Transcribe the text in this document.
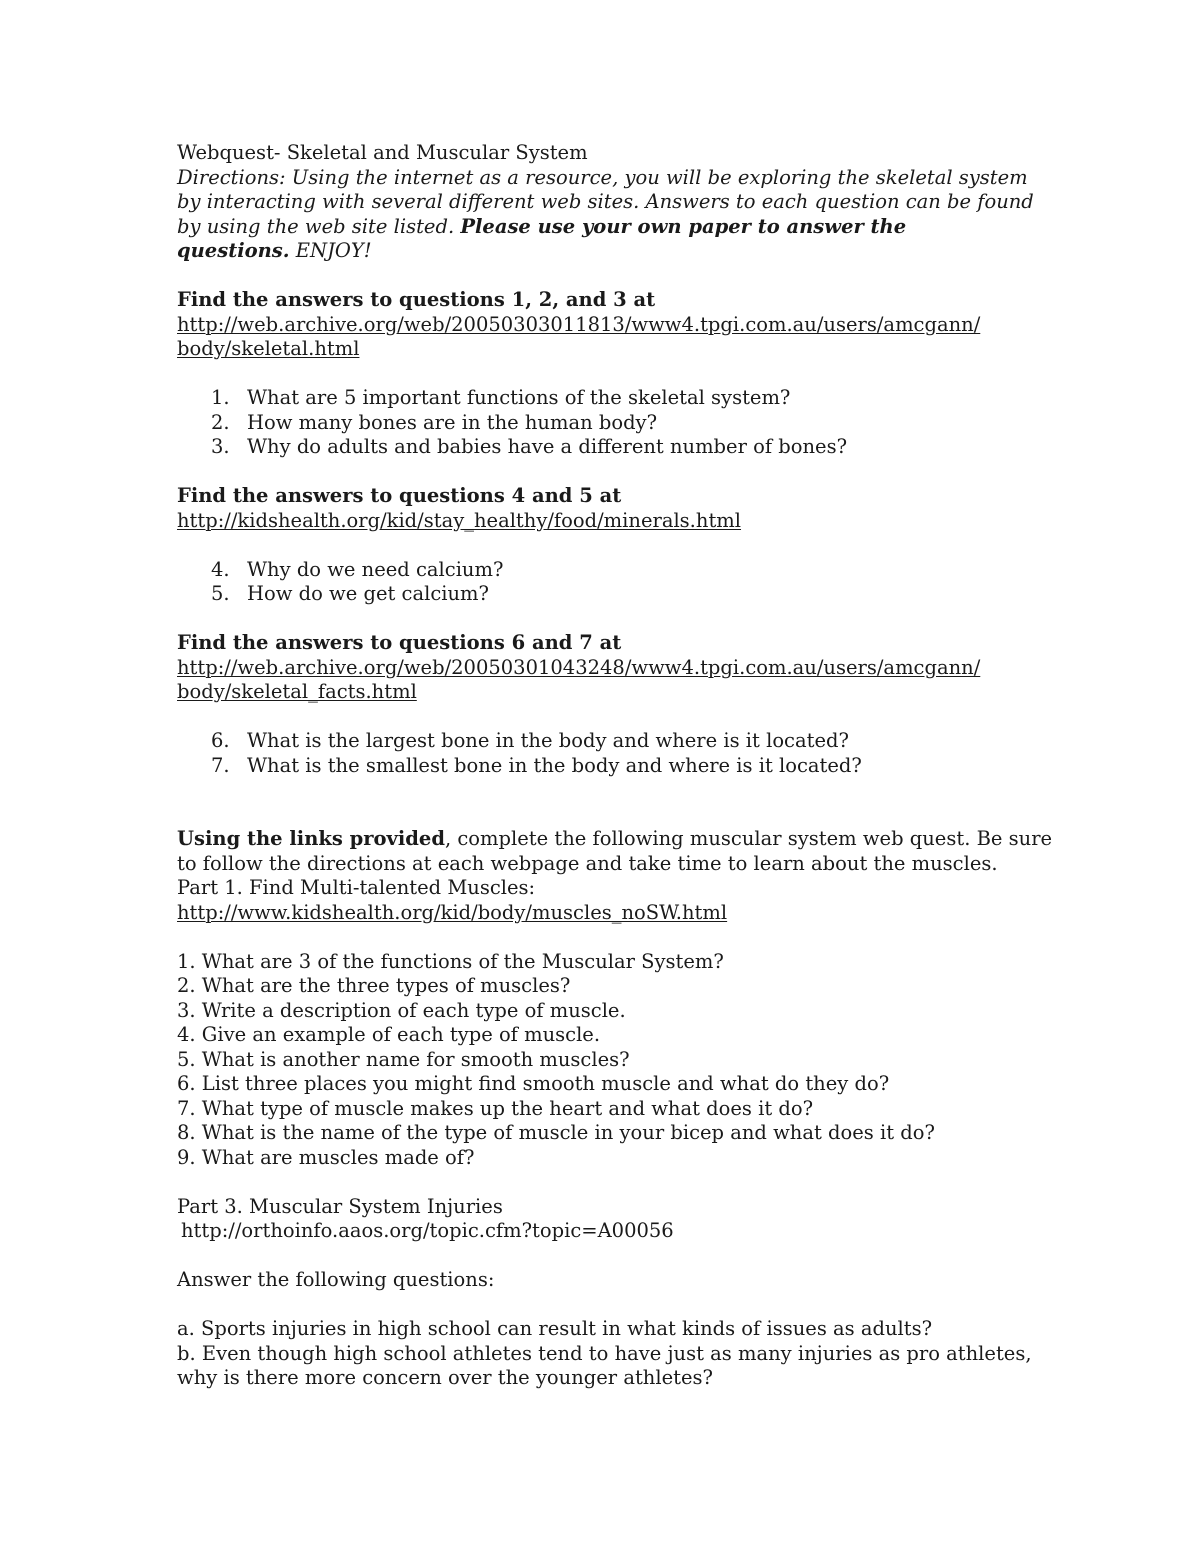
Webquest- Skeletal and Muscular System
Directions: Using the internet as a resource, you will be exploring the skeletal system
by interacting with several different web sites. Answers to each question can be found
by using the web site listed. Please use your own paper to answer the
questions. ENJOY!
Find the answers to questions 1, 2, and 3 at
http://web.archive.org/web/20050303011813/www4.tpgi.com.au/users/amcgann/
body/skeletal.html
1. What are 5 important functions of the skeletal system?
2. How many bones are in the human body?
3. Why do adults and babies have a different number of bones?
Find the answers to questions 4 and 5 at
http://kidshealth.org/kid/stay_healthy/food/minerals.html
4. Why do we need calcium?
5. How do we get calcium?
Find the answers to questions 6 and 7 at
http://web.archive.org/web/20050301043248/www4.tpgi.com.au/users/amcgann/
body/skeletal_facts.html
6. What is the largest bone in the body and where is it located?
7. What is the smallest bone in the body and where is it located?
Using the links provided, complete the following muscular system web quest. Be sure
to follow the directions at each webpage and take time to learn about the muscles.
Part 1. Find Multi-talented Muscles:
http://www.kidshealth.org/kid/body/muscles_noSW.html
1. What are 3 of the functions of the Muscular System?
2. What are the three types of muscles?
3. Write a description of each type of muscle.
4. Give an example of each type of muscle.
5. What is another name for smooth muscles?
6. List three places you might find smooth muscle and what do they do?
7. What type of muscle makes up the heart and what does it do?
8. What is the name of the type of muscle in your bicep and what does it do?
9. What are muscles made of?
Part 3. Muscular System Injuries
http://orthoinfo.aaos.org/topic.cfm?topic=A00056
Answer the following questions:
a. Sports injuries in high school can result in what kinds of issues as adults?
b. Even though high school athletes tend to have just as many injuries as pro athletes,
why is there more concern over the younger athletes?
